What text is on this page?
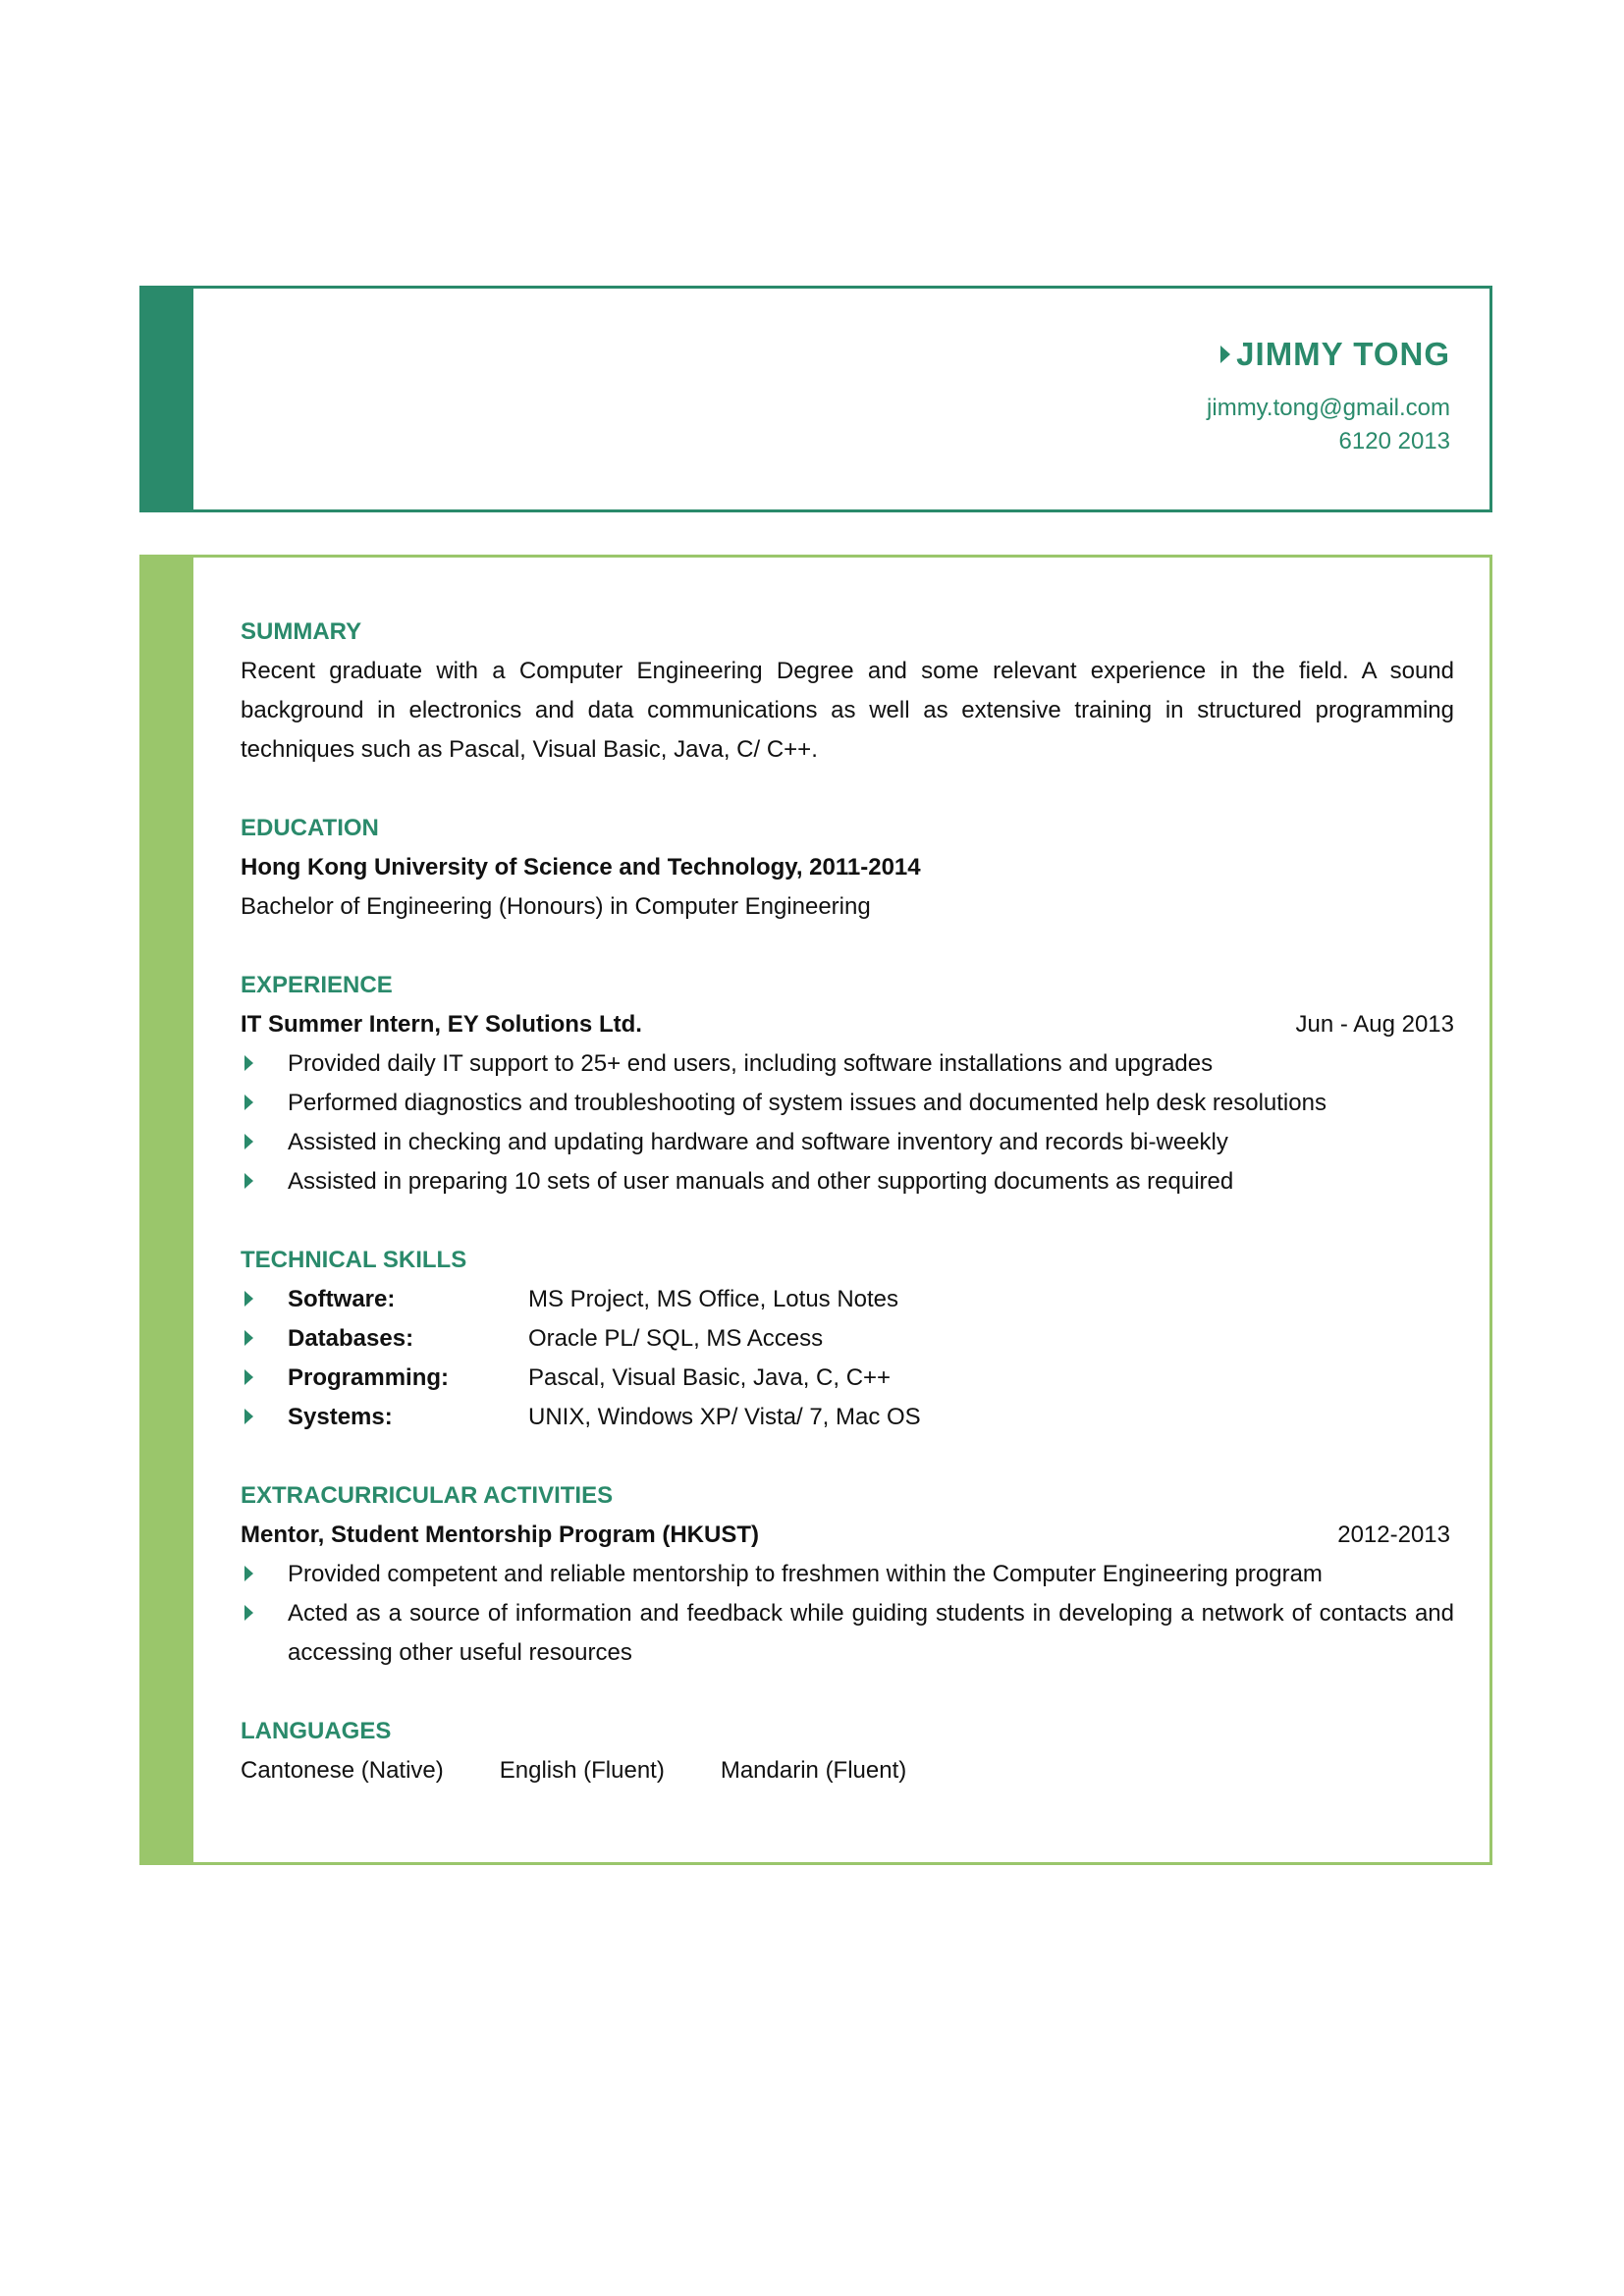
JIMMY TONG
jimmy.tong@gmail.com
6120 2013
SUMMARY
Recent graduate with a Computer Engineering Degree and some relevant experience in the field. A sound background in electronics and data communications as well as extensive training in structured programming techniques such as Pascal, Visual Basic, Java, C/ C++.
EDUCATION
Hong Kong University of Science and Technology, 2011-2014
Bachelor of Engineering (Honours) in Computer Engineering
EXPERIENCE
IT Summer Intern, EY Solutions Ltd.	Jun - Aug 2013
Provided daily IT support to 25+ end users, including software installations and upgrades
Performed diagnostics and troubleshooting of system issues and documented help desk resolutions
Assisted in checking and updating hardware and software inventory and records bi-weekly
Assisted in preparing 10 sets of user manuals and other supporting documents as required
TECHNICAL SKILLS
Software:	MS Project, MS Office, Lotus Notes
Databases:	Oracle PL/ SQL, MS Access
Programming:	Pascal, Visual Basic, Java, C, C++
Systems:	UNIX, Windows XP/ Vista/ 7, Mac OS
EXTRACURRICULAR ACTIVITIES
Mentor, Student Mentorship Program (HKUST)	2012-2013
Provided competent and reliable mentorship to freshmen within the Computer Engineering program
Acted as a source of information and feedback while guiding students in developing a network of contacts and accessing other useful resources
LANGUAGES
Cantonese (Native) English (Fluent) Mandarin (Fluent)
